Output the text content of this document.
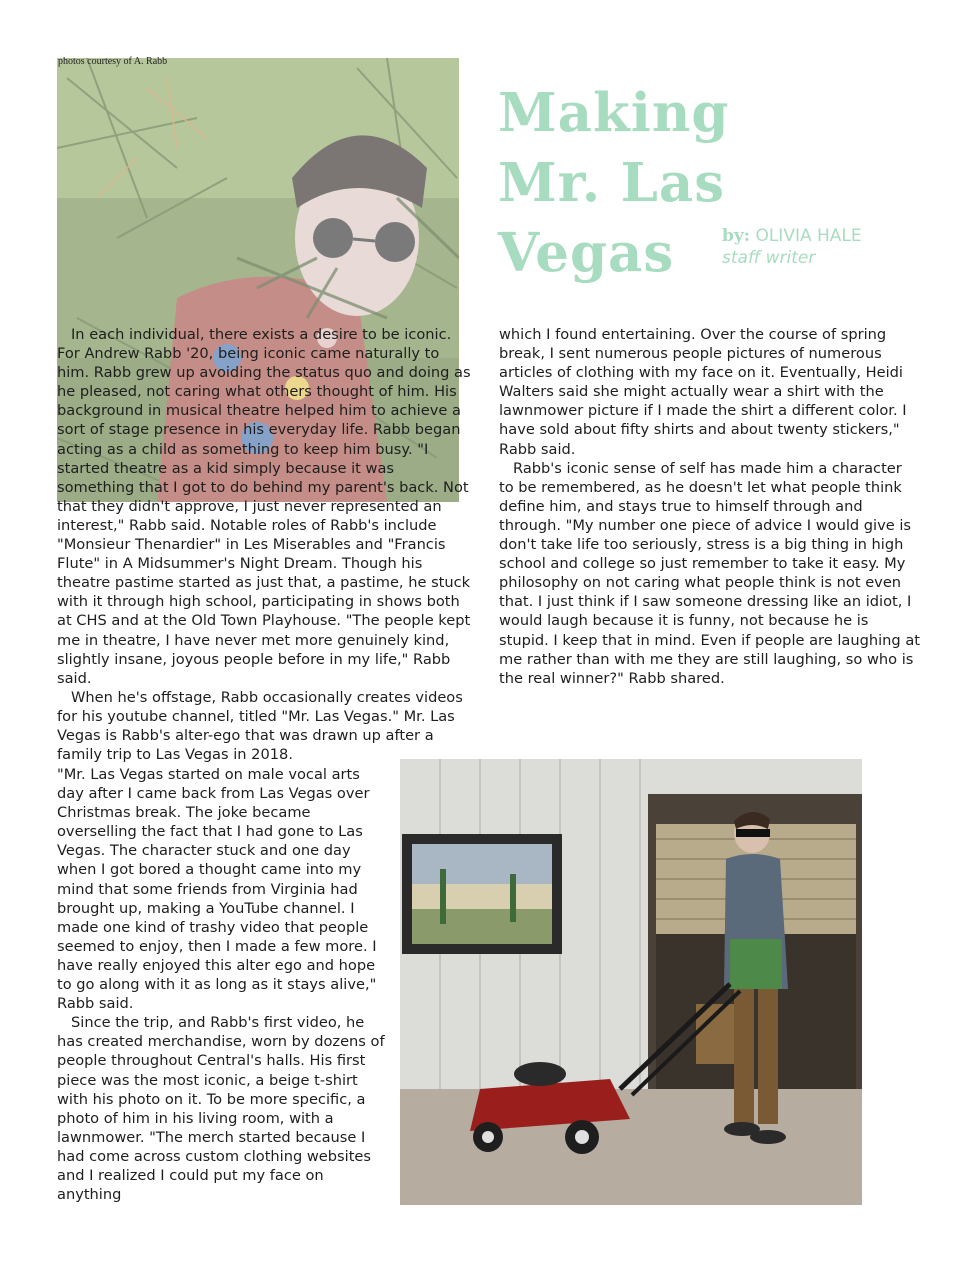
photos courtesy of A. Rabb
Making
Mr. Las
Vegas	by: OLIVIA HALE
staff writer

In each individual, there exists a desire to be iconic. For Andrew Rabb '20, being iconic came naturally to him. Rabb grew up avoiding the status quo and doing as he pleased, not caring what others thought of him. His background in musical theatre helped him to achieve a sort of stage presence in his everyday life. Rabb began acting as a child as something to keep him busy. "I started theatre as a kid simply because it was something that I got to do behind my parent's back. Not that they didn't approve, I just never represented an interest," Rabb said. Notable roles of Rabb's include "Monsieur Thenardier" in Les Miserables and "Francis Flute" in A Midsummer's Night Dream. Though his theatre pastime started as just that, a pastime, he stuck with it through high school, participating in shows both at CHS and at the Old Town Playhouse. "The people kept me in theatre, I have never met more genuinely kind, slightly insane, joyous people before in my life," Rabb said.

When he's offstage, Rabb occasionally creates videos for his youtube channel, titled "Mr. Las Vegas." Mr. Las Vegas is Rabb's alter-ego that was drawn up after a family trip to Las Vegas in 2018.

"Mr. Las Vegas started on male vocal arts day after I came back from Las Vegas over Christmas break. The joke became overselling the fact that I had gone to Las Vegas. The character stuck and one day when I got bored a thought came into my mind that some friends from Virginia had brought up, making a YouTube channel. I made one kind of trashy video that people seemed to enjoy, then I made a few more. I have really enjoyed this alter ego and hope to go along with it as long as it stays alive," Rabb said.

Since the trip, and Rabb's first video, he has created merchandise, worn by dozens of people throughout Central's halls. His first piece was the most iconic, a beige t-shirt with his photo on it. To be more specific, a photo of him in his living room, with a lawnmower. "The merch started because I had come across custom clothing websites and I realized I could put my face on anything

which I found entertaining. Over the course of spring break, I sent numerous people pictures of numerous articles of clothing with my face on it. Eventually, Heidi Walters said she might actually wear a shirt with the lawnmower picture if I made the shirt a different color. I have sold about fifty shirts and about twenty stickers," Rabb said.

Rabb's iconic sense of self has made him a character to be remembered, as he doesn't let what people think define him, and stays true to himself through and through. "My number one piece of advice I would give is don't take life too seriously, stress is a big thing in high school and college so just remember to take it easy. My philosophy on not caring what people think is not even that. I just think if I saw someone dressing like an idiot, I would laugh because it is funny, not because he is stupid. I keep that in mind. Even if people are laughing at me rather than with me they are still laughing, so who is the real winner?" Rabb shared.
